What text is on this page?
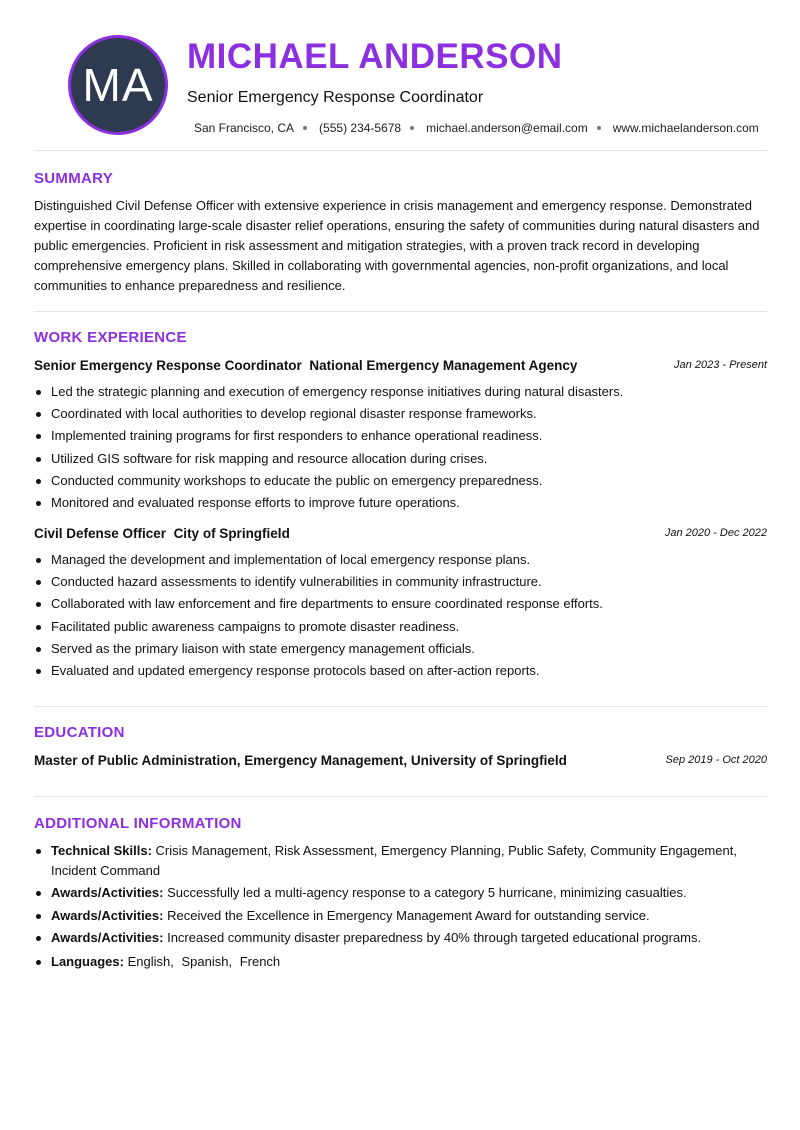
MA
MICHAEL ANDERSON
Senior Emergency Response Coordinator
San Francisco, CA (555) 234-5678 michael.anderson@email.com www.michaelanderson.com
SUMMARY

Distinguished Civil Defense Officer with extensive experience in crisis management and emergency response. Demonstrated expertise in coordinating large-scale disaster relief operations, ensuring the safety of communities during natural disasters and public emergencies. Proficient in risk assessment and mitigation strategies, with a proven track record in developing comprehensive emergency plans. Skilled in collaborating with governmental agencies, non-profit organizations, and local communities to enhance preparedness and resilience.

WORK EXPERIENCE
Senior Emergency Response Coordinator National Emergency Management Agency	Jan 2023 - Present
Led the strategic planning and execution of emergency response initiatives during natural disasters.
Coordinated with local authorities to develop regional disaster response frameworks.
Implemented training programs for first responders to enhance operational readiness.
Utilized GIS software for risk mapping and resource allocation during crises.
Conducted community workshops to educate the public on emergency preparedness.
Monitored and evaluated response efforts to improve future operations.
Civil Defense Officer City of Springfield	Jan 2020 - Dec 2022
Managed the development and implementation of local emergency response plans.
Conducted hazard assessments to identify vulnerabilities in community infrastructure.
Collaborated with law enforcement and fire departments to ensure coordinated response efforts.
Facilitated public awareness campaigns to promote disaster readiness.
Served as the primary liaison with state emergency management officials.
Evaluated and updated emergency response protocols based on after-action reports.
EDUCATION
Master of Public Administration, Emergency Management, University of Springfield	Sep 2019 - Oct 2020
ADDITIONAL INFORMATION
Technical Skills: Crisis Management, Risk Assessment, Emergency Planning, Public Safety, Community Engagement, Incident Command
Awards/Activities: Successfully led a multi-agency response to a category 5 hurricane, minimizing casualties.
Awards/Activities: Received the Excellence in Emergency Management Award for outstanding service.
Awards/Activities: Increased community disaster preparedness by 40% through targeted educational programs.
Languages: English, Spanish, French
